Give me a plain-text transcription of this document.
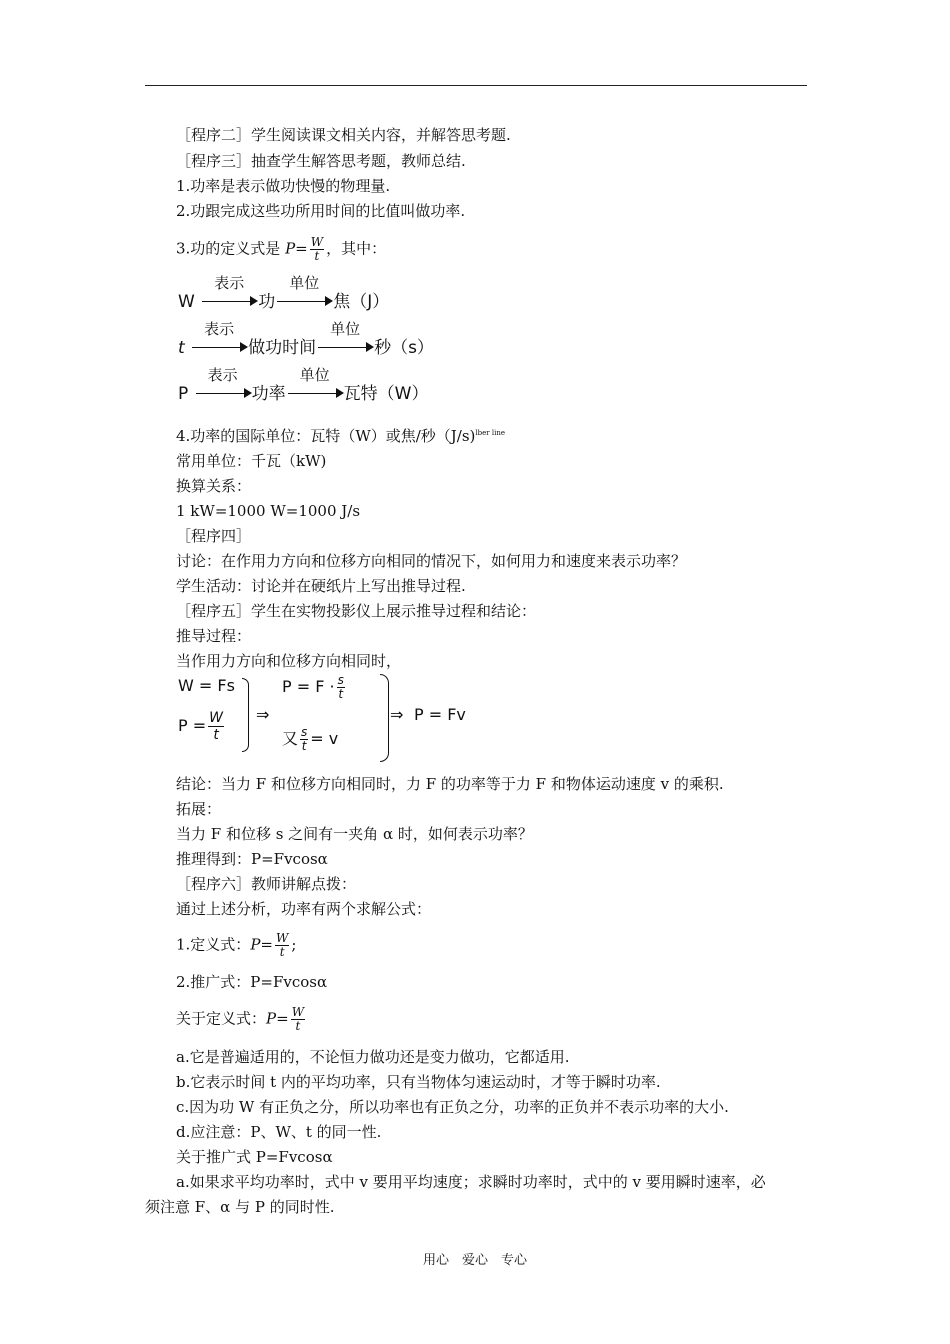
［程序二］学生阅读课文相关内容，并解答思考题.
［程序三］抽查学生解答思考题，教师总结.
1.功率是表示做功快慢的物理量.
2.功跟完成这些功所用时间的比值叫做功率.
3.功的定义式是 $P= \frac{W}{t}$ ，其中：
W
表示
功
单位
焦（J）
t
表示
做功时间
单位
秒（s）
P
表示
功率
单位
瓦特（W）
4.功率的国际单位：瓦特（W）或焦/秒（J/s)lber line
常用单位：千瓦（kW)
换算关系：
1 kW=1000 W=1000 J/s
［程序四］
讨论：在作用力方向和位移方向相同的情况下，如何用力和速度来表示功率？
学生活动：讨论并在硬纸片上写出推导过程.
［程序五］学生在实物投影仪上展示推导过程和结论：
推导过程：
当作用力方向和位移方向相同时，
W = Fs
$P = \frac{W}{t}$ ⇒
$P = F \cdot \frac{s}{t}$
又 $\frac{s}{t} = v$
⇒ P = Fv
结论：当力 F 和位移方向相同时，力 F 的功率等于力 F 和物体运动速度 v 的乘积.
拓展：
当力 F 和位移 s 之间有一夹角 α 时，如何表示功率？
推理得到：P=Fvcosα
［程序六］教师讲解点拨：
通过上述分析，功率有两个求解公式：
1.定义式：$P= \frac{W}{t}$ ;
2.推广式：P=Fvcosα
关于定义式：$P= \frac{W}{t}$
a.它是普遍适用的，不论恒力做功还是变力做功，它都适用.
b.它表示时间 t 内的平均功率，只有当物体匀速运动时，才等于瞬时功率.
c.因为功 W 有正负之分，所以功率也有正负之分，功率的正负并不表示功率的大小.
d.应注意：P、W、t 的同一性.
关于推广式 P=Fvcosα
a.如果求平均功率时，式中 v 要用平均速度；求瞬时功率时，式中的 v 要用瞬时速率，必
须注意 F、α 与 P 的同时性.
用心　爱心　专心
